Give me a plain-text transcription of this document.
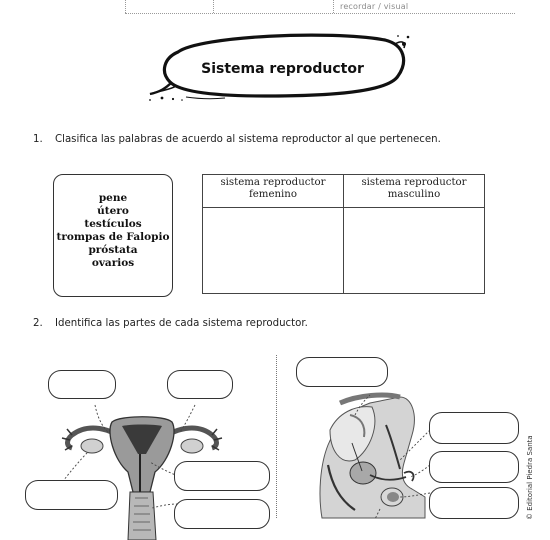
recordar / visual
Sistema reproductor
1. Clasifica las palabras de acuerdo al sistema reproductor al que pertenecen.
pene
útero
testículos
trompas de Falopio
próstata
ovarios
sistema reproductor femenino	sistema reproductor masculino

2. Identifica las partes de cada sistema reproductor.
© Editorial Piedra Santa
